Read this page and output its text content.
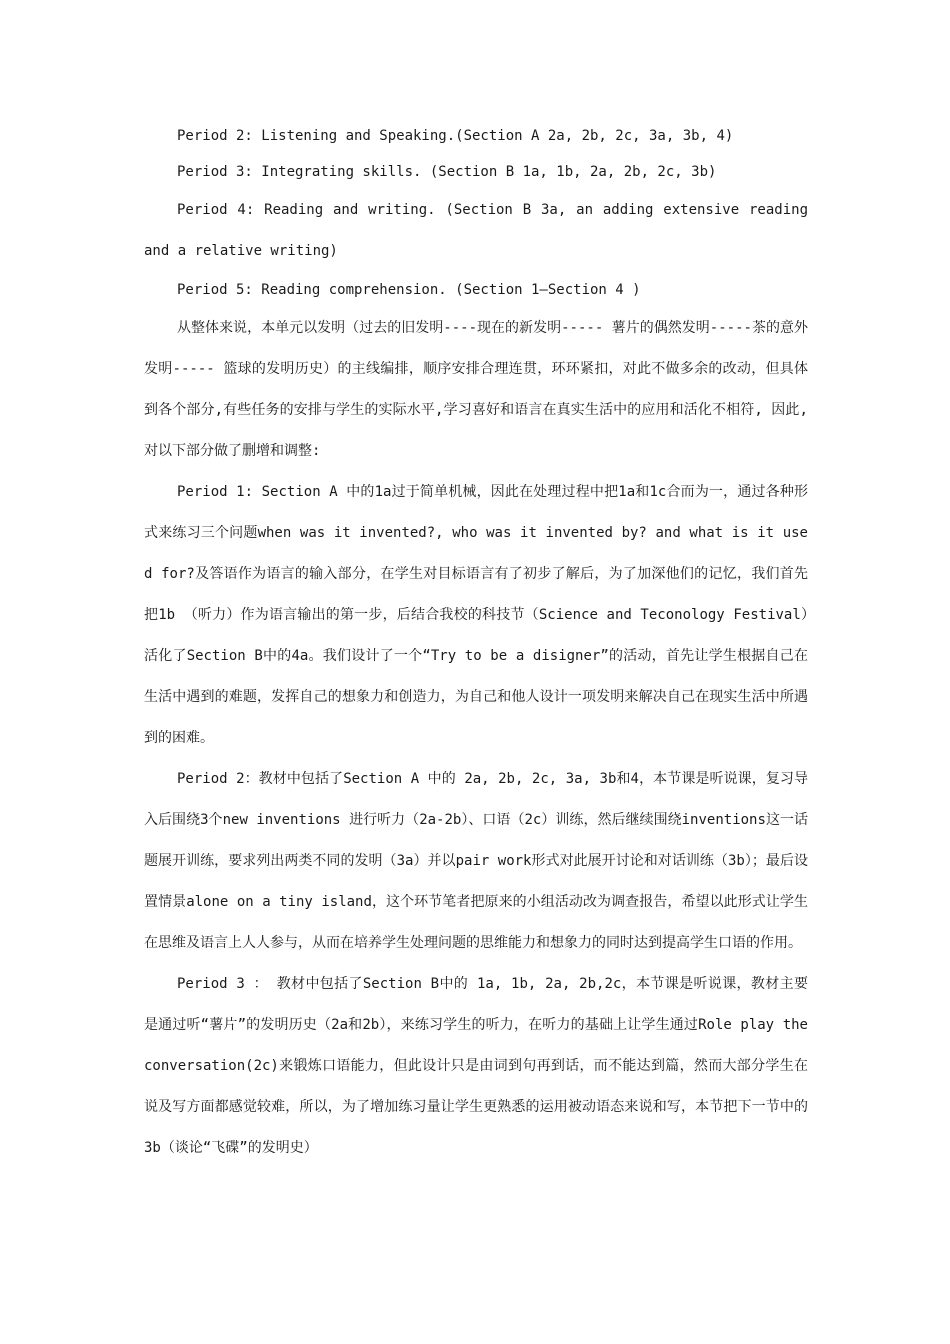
Period 2: Listening and Speaking.(Section A 2a, 2b, 2c, 3a, 3b, 4)

Period 3: Integrating skills. (Section B 1a, 1b, 2a, 2b, 2c, 3b)

Period 4: Reading and writing. (Section B 3a, an adding extensive reading and a relative writing)

Period 5: Reading comprehension. (Section 1—Section 4 )

从整体来说，本单元以发明（过去的旧发明----现在的新发明----- 薯片的偶然发明-----茶的意外发明----- 篮球的发明历史）的主线编排，顺序安排合理连贯，环环紧扣，对此不做多余的改动，但具体到各个部分,有些任务的安排与学生的实际水平,学习喜好和语言在真实生活中的应用和活化不相符, 因此, 对以下部分做了删增和调整:

Period 1: Section A 中的1a过于简单机械，因此在处理过程中把1a和1c合而为一，通过各种形式来练习三个问题when was it invented?, who was it invented by? and what is it used for?及答语作为语言的输入部分，在学生对目标语言有了初步了解后，为了加深他们的记忆，我们首先把1b （听力）作为语言输出的第一步，后结合我校的科技节（Science and Teconology Festival）活化了Section B中的4a。我们设计了一个“Try to be a disigner”的活动，首先让学生根据自己在生活中遇到的难题，发挥自己的想象力和创造力，为自己和他人设计一项发明来解决自己在现实生活中所遇到的困难。

Period 2：教材中包括了Section A 中的 2a, 2b, 2c, 3a, 3b和4，本节课是听说课，复习导入后围绕3个new inventions 进行听力（2a-2b）、口语（2c）训练，然后继续围绕inventions这一话题展开训练，要求列出两类不同的发明（3a）并以pair work形式对此展开讨论和对话训练（3b）；最后设置情景alone on a tiny island，这个环节笔者把原来的小组活动改为调查报告，希望以此形式让学生在思维及语言上人人参与，从而在培养学生处理问题的思维能力和想象力的同时达到提高学生口语的作用。

Period 3 ： 教材中包括了Section B中的 1a, 1b, 2a, 2b,2c，本节课是听说课，教材主要是通过听“薯片”的发明历史（2a和2b），来练习学生的听力，在听力的基础上让学生通过Role play the conversation(2c)来锻炼口语能力，但此设计只是由词到句再到话，而不能达到篇，然而大部分学生在说及写方面都感觉较难，所以，为了增加练习量让学生更熟悉的运用被动语态来说和写，本节把下一节中的3b（谈论“飞碟”的发明史）
